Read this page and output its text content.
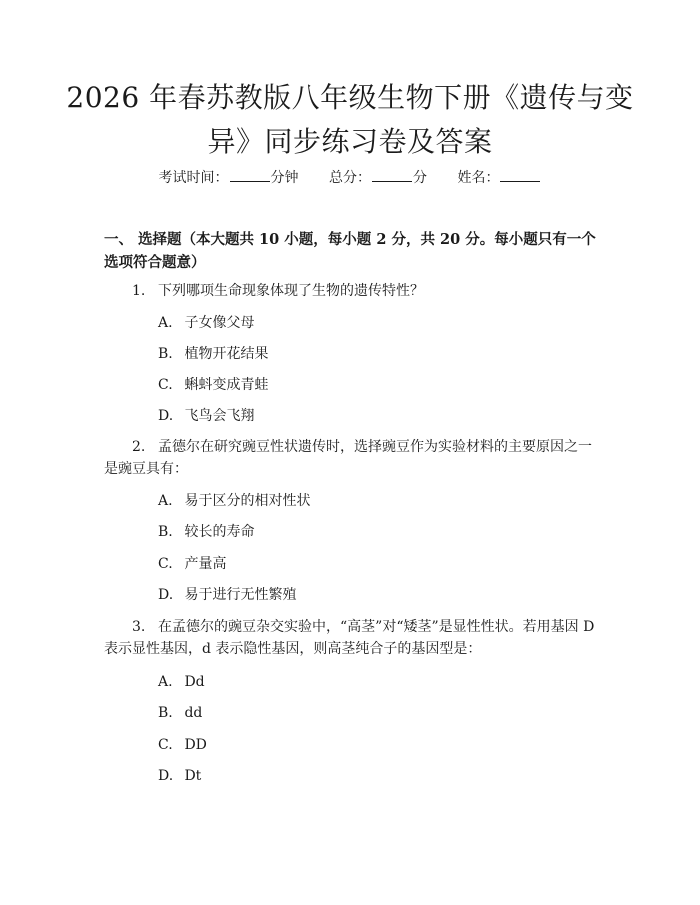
2026 年春苏教版八年级生物下册《遗传与变
异》同步练习卷及答案
考试时间：	分钟 总分：	分 姓名：
一、 选择题（本大题共 10 小题，每小题 2 分，共 20 分。每小题只有一个选项符合题意）
1. 下列哪项生命现象体现了生物的遗传特性？
A. 子女像父母
B. 植物开花结果
C. 蝌蚪变成青蛙
D. 飞鸟会飞翔
2. 孟德尔在研究豌豆性状遗传时，选择豌豆作为实验材料的主要原因之一是豌豆具有：
A. 易于区分的相对性状
B. 较长的寿命
C. 产量高
D. 易于进行无性繁殖
3. 在孟德尔的豌豆杂交实验中，“高茎”对“矮茎”是显性性状。若用基因 D 表示显性基因，d 表示隐性基因，则高茎纯合子的基因型是：
A. Dd
B. dd
C. DD
D. Dt
